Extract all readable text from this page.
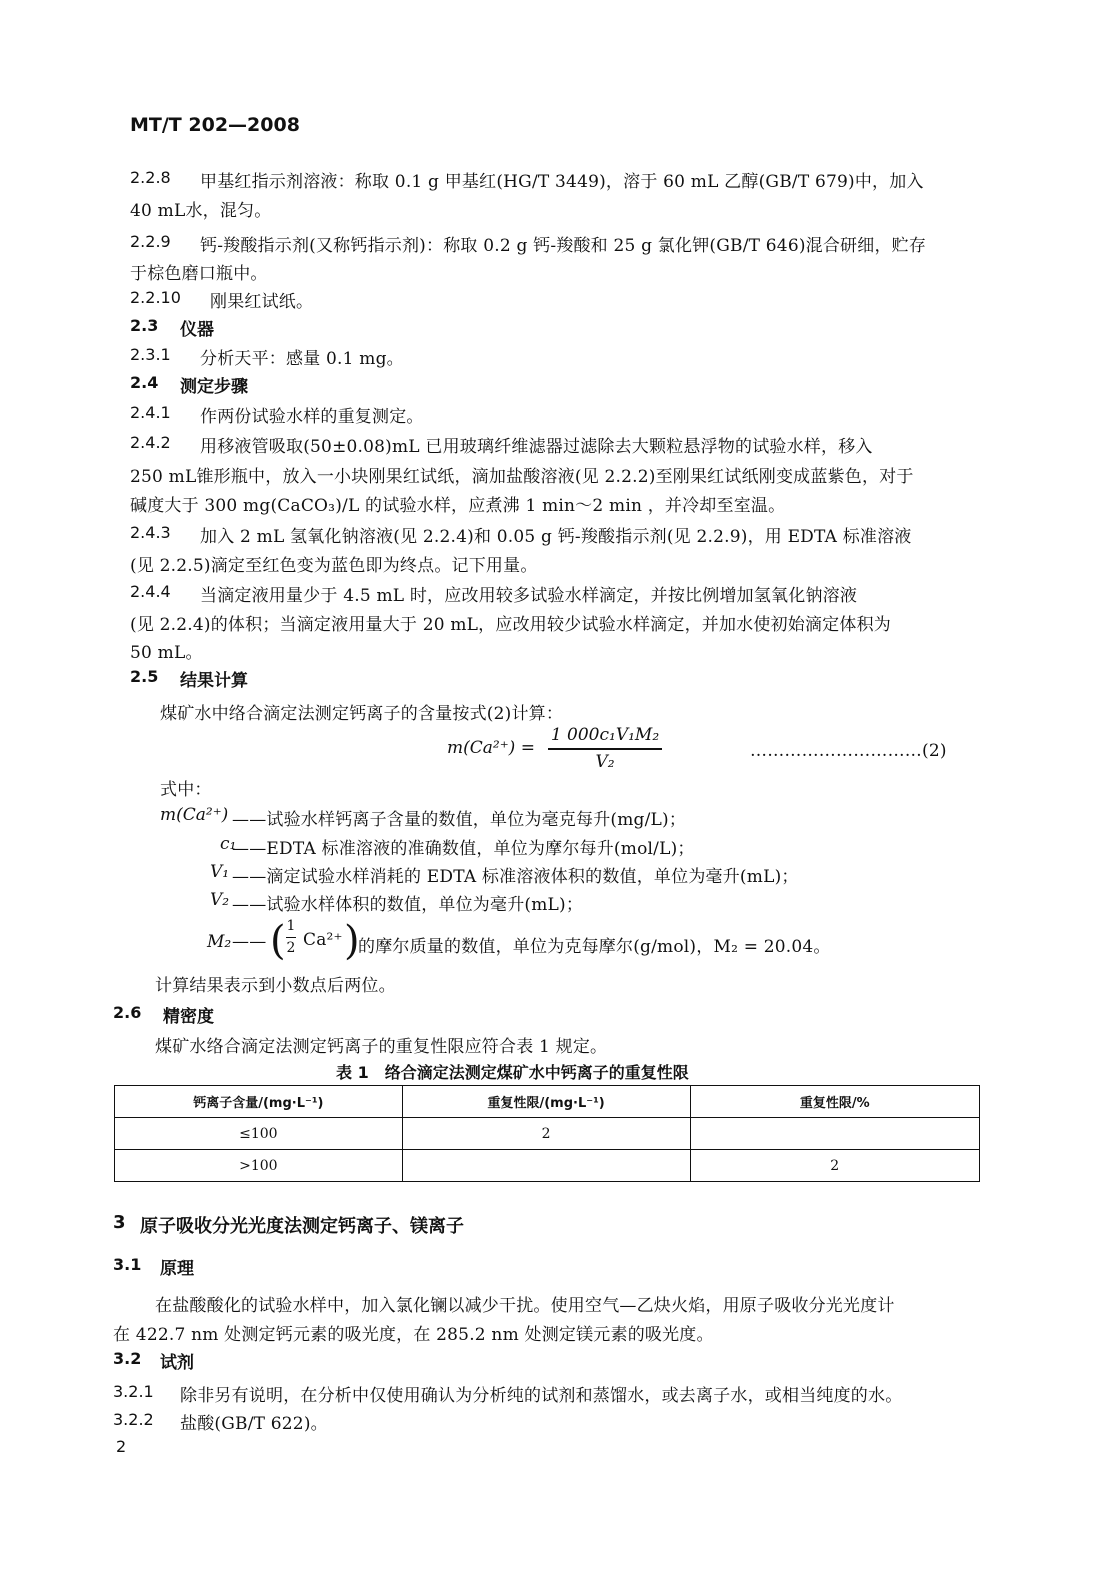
MT/T 202—2008
2.2.8 甲基红指示剂溶液：称取 0.1 g 甲基红(HG/T 3449)，溶于 60 mL 乙醇(GB/T 679)中，加入
40 mL水，混匀。
2.2.9 钙-羧酸指示剂(又称钙指示剂)：称取 0.2 g 钙-羧酸和 25 g 氯化钾(GB/T 646)混合研细，贮存
于棕色磨口瓶中。
2.2.10 刚果红试纸。
2.3 仪器
2.3.1 分析天平：感量 0.1 mg。
2.4 测定步骤
2.4.1 作两份试验水样的重复测定。
2.4.2 用移液管吸取(50±0.08)mL 已用玻璃纤维滤器过滤除去大颗粒悬浮物的试验水样，移入
250 mL锥形瓶中，放入一小块刚果红试纸，滴加盐酸溶液(见 2.2.2)至刚果红试纸刚变成蓝紫色，对于
碱度大于 300 mg(CaCO₃)/L 的试验水样，应煮沸 1 min～2 min ，并冷却至室温。
2.4.3 加入 2 mL 氢氧化钠溶液(见 2.2.4)和 0.05 g 钙-羧酸指示剂(见 2.2.9)，用 EDTA 标准溶液
(见 2.2.5)滴定至红色变为蓝色即为终点。记下用量。
2.4.4 当滴定液用量少于 4.5 mL 时，应改用较多试验水样滴定，并按比例增加氢氧化钠溶液
(见 2.2.4)的体积；当滴定液用量大于 20 mL，应改用较少试验水样滴定，并加水使初始滴定体积为
50 mL。
2.5 结果计算
煤矿水中络合滴定法测定钙离子的含量按式(2)计算：
m(Ca²⁺) =
1 000c₁V₁M₂
V₂
…………………………(2)
式中：
m(Ca²⁺) ——试验水样钙离子含量的数值，单位为毫克每升(mg/L)；
c₁
——EDTA 标准溶液的准确数值，单位为摩尔每升(mol/L)；
V₁ ——滴定试验水样消耗的 EDTA 标准溶液体积的数值，单位为毫升(mL)；
V₂ ——试验水样体积的数值，单位为毫升(mL)；
M₂ —— ( 1
2 Ca²⁺ )
的摩尔质量的数值，单位为克每摩尔(g/mol)，M₂ = 20.04。
计算结果表示到小数点后两位。
2.6 精密度
煤矿水络合滴定法测定钙离子的重复性限应符合表 1 规定。
表 1　络合滴定法测定煤矿水中钙离子的重复性限
钙离子含量/(mg·L⁻¹)	重复性限/(mg·L⁻¹)	重复性限/%
≤100	2	
>100		2
3 原子吸收分光光度法测定钙离子、镁离子
3.1 原理
在盐酸酸化的试验水样中，加入氯化镧以减少干扰。使用空气—乙炔火焰，用原子吸收分光光度计
在 422.7 nm 处测定钙元素的吸光度，在 285.2 nm 处测定镁元素的吸光度。
3.2 试剂
3.2.1 除非另有说明，在分析中仅使用确认为分析纯的试剂和蒸馏水，或去离子水，或相当纯度的水。
3.2.2 盐酸(GB/T 622)。
2
